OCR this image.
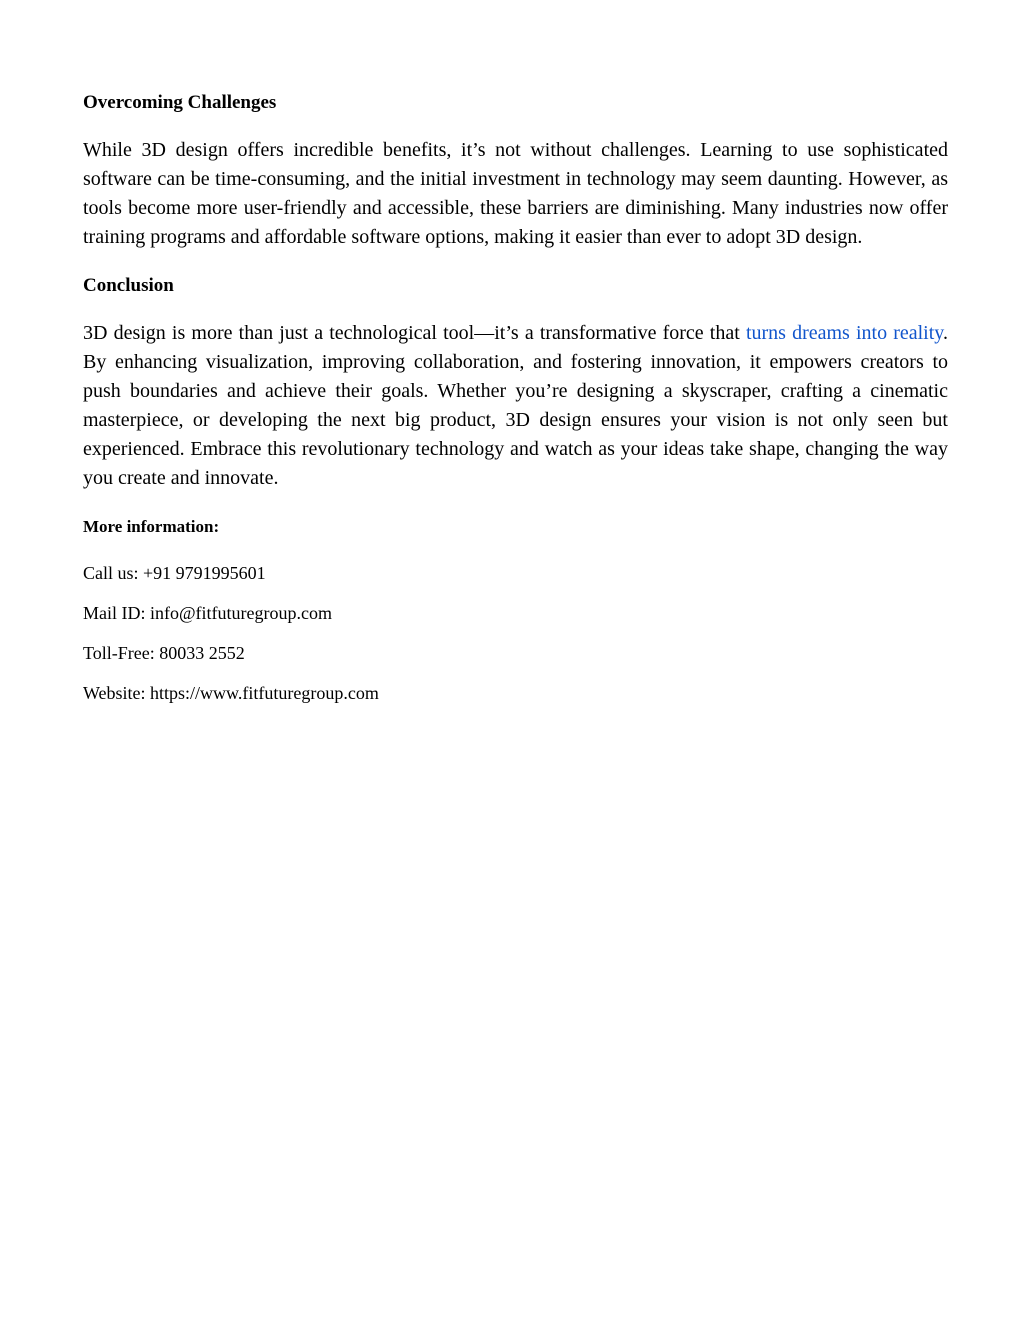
Overcoming Challenges

While 3D design offers incredible benefits, it’s not without challenges. Learning to use sophisticated software can be time-consuming, and the initial investment in technology may seem daunting. However, as tools become more user-friendly and accessible, these barriers are diminishing. Many industries now offer training programs and affordable software options, making it easier than ever to adopt 3D design.

Conclusion

3D design is more than just a technological tool—it’s a transformative force that turns dreams into reality. By enhancing visualization, improving collaboration, and fostering innovation, it empowers creators to push boundaries and achieve their goals. Whether you’re designing a skyscraper, crafting a cinematic masterpiece, or developing the next big product, 3D design ensures your vision is not only seen but experienced. Embrace this revolutionary technology and watch as your ideas take shape, changing the way you create and innovate.

More information:

Call us: +91 9791995601

Mail ID: info@fitfuturegroup.com

Toll-Free: 80033 2552

Website: https://www.fitfuturegroup.com
